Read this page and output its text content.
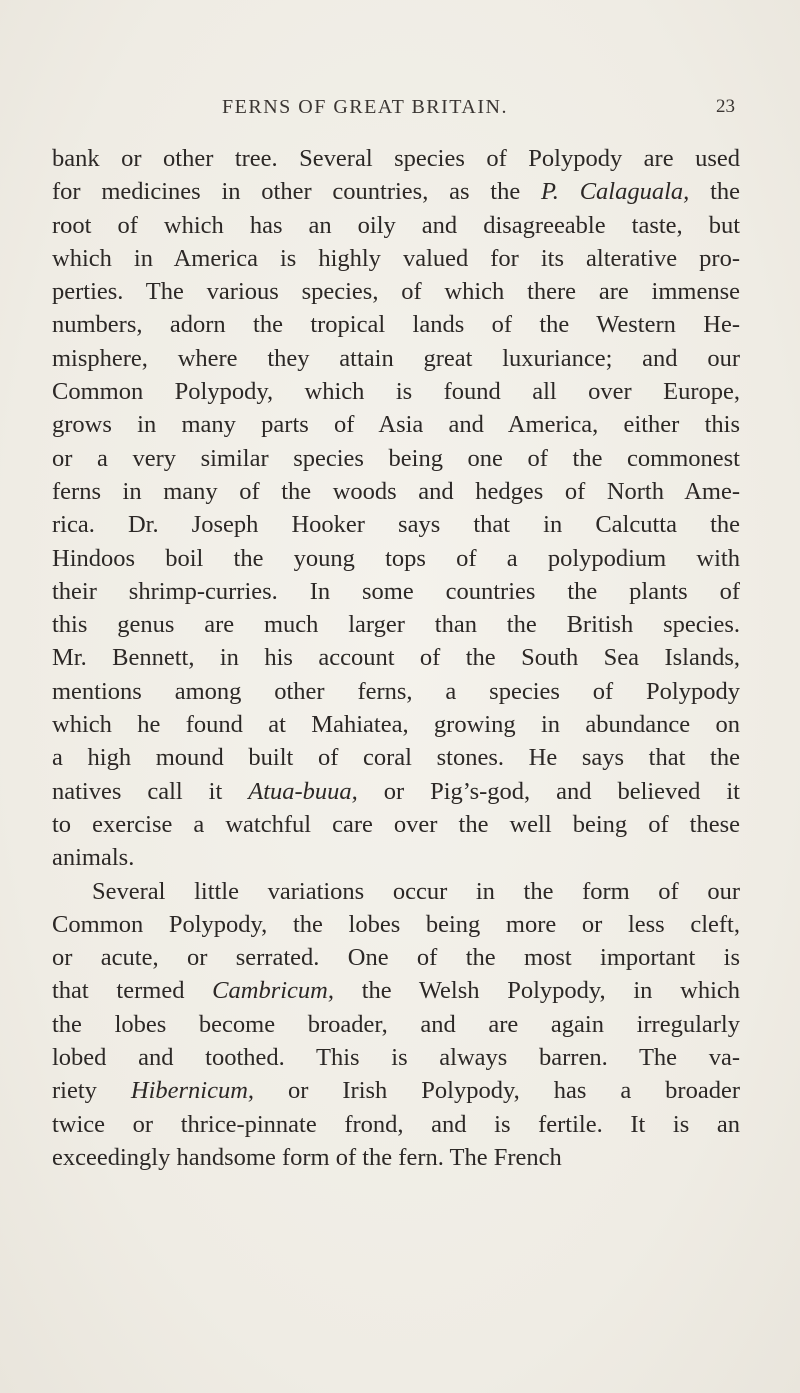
FERNS OF GREAT BRITAIN.	23
bank or other tree. Several species of Polypody are used
for medicines in other countries, as the P. Calaguala, the
root of which has an oily and disagreeable taste, but
which in America is highly valued for its alterative pro-
perties. The various species, of which there are immense
numbers, adorn the tropical lands of the Western He-
misphere, where they attain great luxuriance; and our
Common Polypody, which is found all over Europe,
grows in many parts of Asia and America, either this
or a very similar species being one of the commonest
ferns in many of the woods and hedges of North Ame-
rica. Dr. Joseph Hooker says that in Calcutta the
Hindoos boil the young tops of a polypodium with
their shrimp-curries. In some countries the plants of
this genus are much larger than the British species.
Mr. Bennett, in his account of the South Sea Islands,
mentions among other ferns, a species of Polypody
which he found at Mahiatea, growing in abundance on
a high mound built of coral stones. He says that the
natives call it Atua-buua, or Pig’s-god, and believed it
to exercise a watchful care over the well being of these
animals.
Several little variations occur in the form of our
Common Polypody, the lobes being more or less cleft,
or acute, or serrated. One of the most important is
that termed Cambricum, the Welsh Polypody, in which
the lobes become broader, and are again irregularly
lobed and toothed. This is always barren. The va-
riety Hibernicum, or Irish Polypody, has a broader
twice or thrice-pinnate frond, and is fertile. It is an
exceedingly handsome form of the fern. The French
